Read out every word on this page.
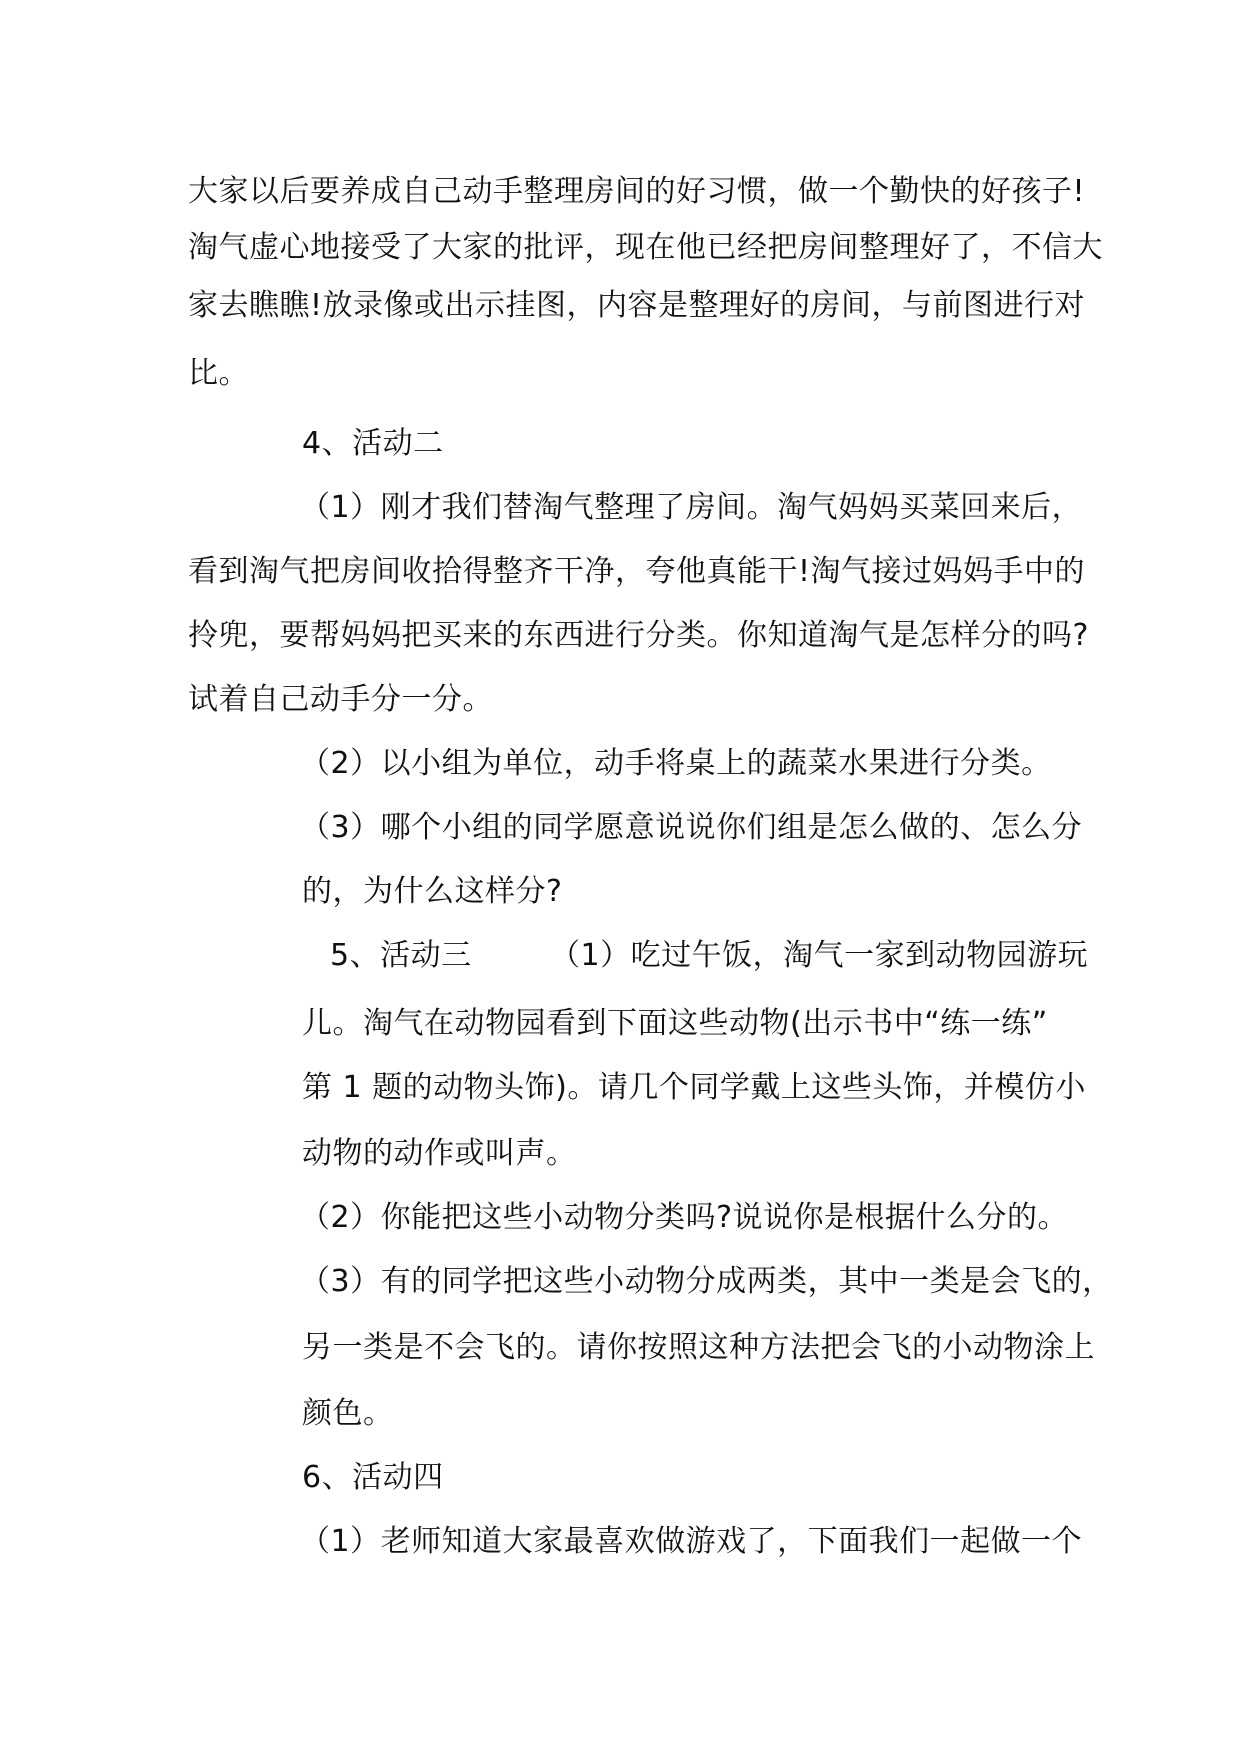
大家以后要养成自己动手整理房间的好习惯，做一个勤快的好孩子!
淘气虚心地接受了大家的批评，现在他已经把房间整理好了，不信大
家去瞧瞧!放录像或出示挂图，内容是整理好的房间，与前图进行对
比。
4、活动二
（1）刚才我们替淘气整理了房间。淘气妈妈买菜回来后，
看到淘气把房间收拾得整齐干净，夸他真能干!淘气接过妈妈手中的
拎兜，要帮妈妈把买来的东西进行分类。你知道淘气是怎样分的吗?
试着自己动手分一分。
（2）以小组为单位，动手将桌上的蔬菜水果进行分类。
（3）哪个小组的同学愿意说说你们组是怎么做的、怎么分
的，为什么这样分?
5、活动三	（1）吃过午饭，淘气一家到动物园游玩
儿。淘气在动物园看到下面这些动物(出示书中“练一练”
第 1 题的动物头饰)。请几个同学戴上这些头饰，并模仿小
动物的动作或叫声。
（2）你能把这些小动物分类吗?说说你是根据什么分的。
（3）有的同学把这些小动物分成两类，其中一类是会飞的，
另一类是不会飞的。请你按照这种方法把会飞的小动物涂上
颜色。
6、活动四
（1）老师知道大家最喜欢做游戏了，下面我们一起做一个
